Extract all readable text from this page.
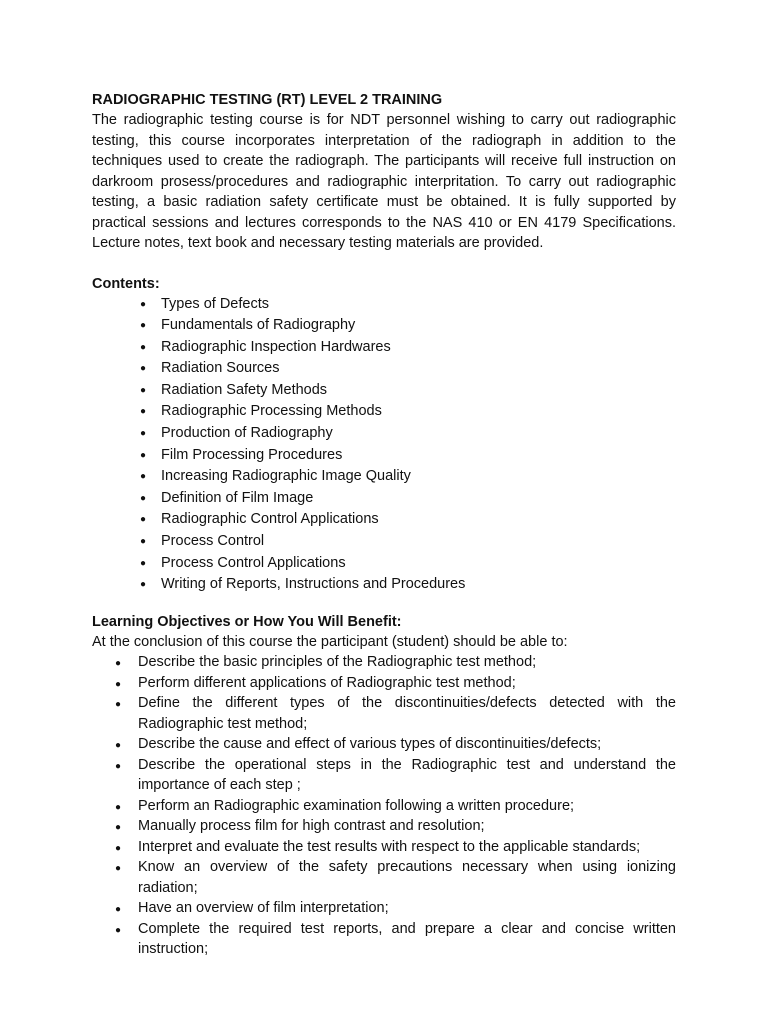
RADIOGRAPHIC TESTING (RT) LEVEL 2 TRAINING

The radiographic testing course is for NDT personnel wishing to carry out radiographic testing, this course incorporates interpretation of the radiograph in addition to the techniques used to create the radiograph. The participants will receive full instruction on darkroom prosess/procedures and radiographic interpritation. To carry out radiographic testing, a basic radiation safety certificate must be obtained. It is fully supported by practical sessions and lectures corresponds to the NAS 410 or EN 4179 Specifications. Lecture notes, text book and necessary testing materials are provided.

Contents:

● Types of Defects
● Fundamentals of Radiography
● Radiographic Inspection Hardwares
● Radiation Sources
● Radiation Safety Methods
● Radiographic Processing Methods
● Production of Radiography
● Film Processing Procedures
● Increasing Radiographic Image Quality
● Definition of Film Image
● Radiographic Control Applications
● Process Control
● Process Control Applications
● Writing of Reports, Instructions and Procedures

Learning Objectives or How You Will Benefit:

At the conclusion of this course the participant (student) should be able to:

● Describe the basic principles of the Radiographic test method;
● Perform different applications of Radiographic test method;
● Define the different types of the discontinuities/defects detected with the Radiographic test method;
● Describe the cause and effect of various types of discontinuities/defects;
● Describe the operational steps in the Radiographic test and understand the importance of each step ;
● Perform an Radiographic examination following a written procedure;
● Manually process film for high contrast and resolution;
● Interpret and evaluate the test results with respect to the applicable standards;
● Know an overview of the safety precautions necessary when using ionizing radiation;
● Have an overview of film interpretation;
● Complete the required test reports, and prepare a clear and concise written instruction;
